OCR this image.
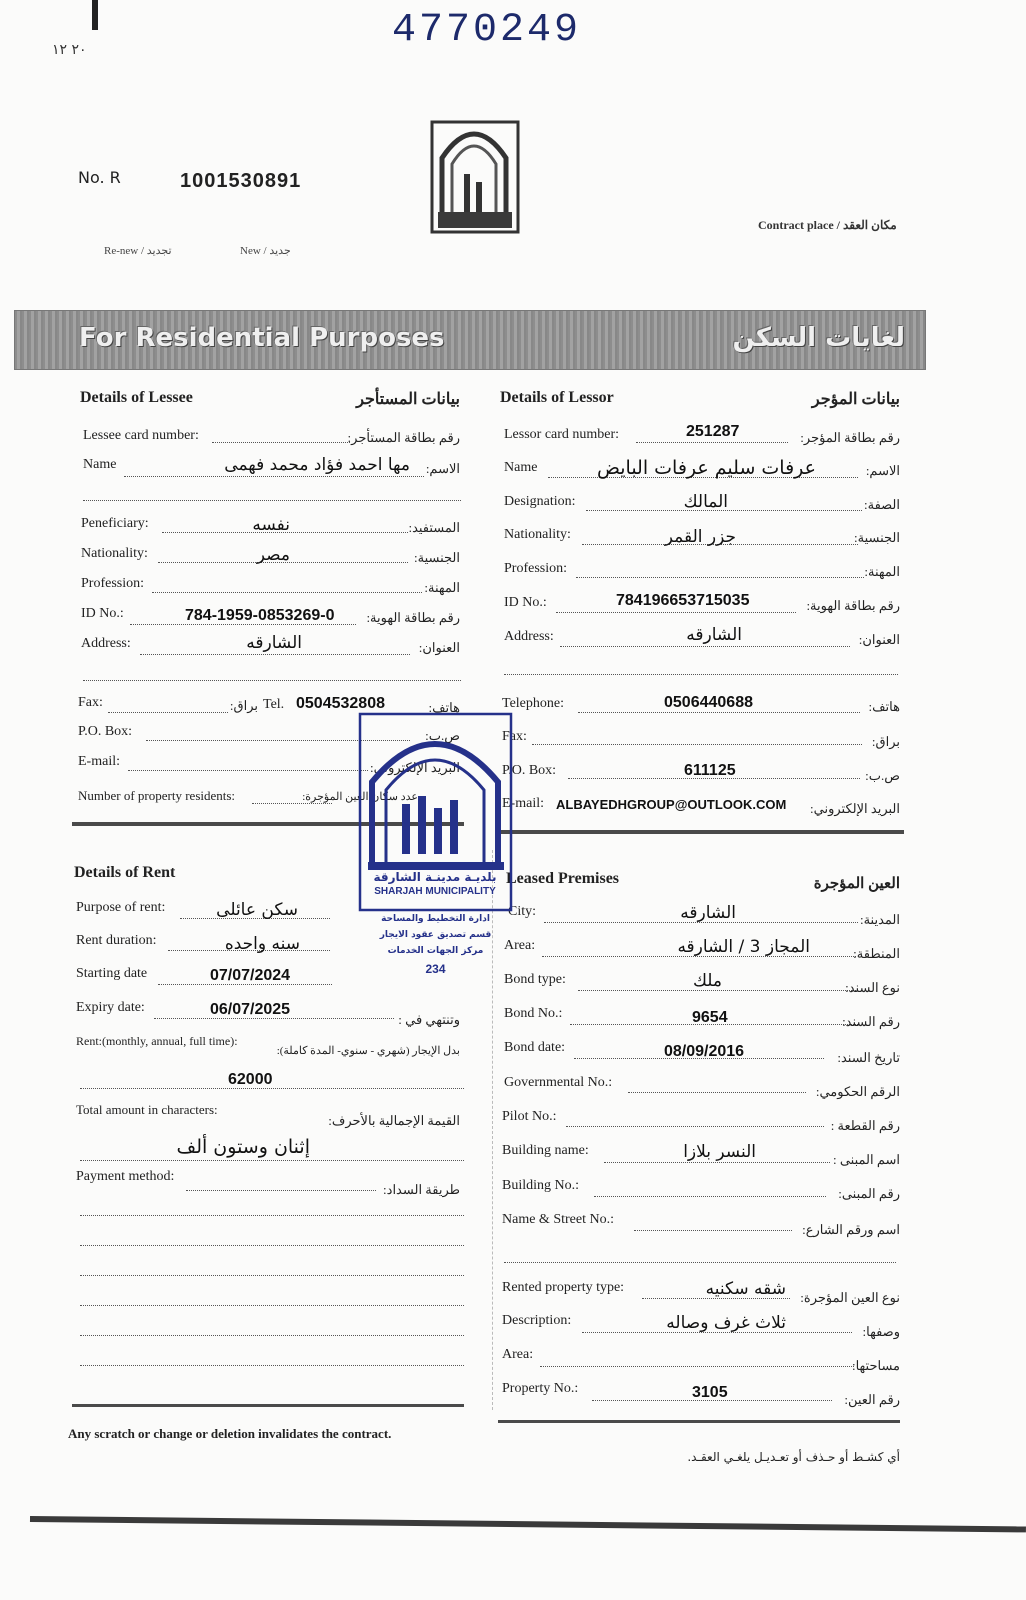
4770249
٢٠ ١٢
No. R	1001530891
Re-new / تجديد	New / جديد
Contract place / مكان العقد
For Residential Purposes	لغايات السكن
Details of Lessee	بيانات المستأجر
Lessee card number:	رقم بطاقة المستأجر:
Name	مها احمد فؤاد محمد فهمى الاسم:
Peneficiary:	نفسه	المستفيد:
Nationality:	مصر	الجنسية:
Profession:	المهنة:
ID No.:	784-1959-0853269-0 رقم بطاقة الهوية:
Address:	الشارقه	العنوان:
Fax:	براق: Tel. 0504532808	هاتف:
P.O. Box:	ص.ب:
E-mail:	البريد الإلكتروني:
Number of property residents:	عدد سكان العين المؤجرة:
Details of Lessor	بيانات المؤجر
Lessor card number:	251287	رقم بطاقة المؤجر:
Name	عرفات سليم عرفات البايض	الاسم:
Designation:	المالك	الصفة:
Nationality:	جزر القمر	الجنسية:
Profession:	المهنة:
ID No.:	784196653715035	رقم بطاقة الهوية:
Address:	الشارقه	العنوان:
Telephone:	0506440688	هاتف:
Fax:	براق:
P.O. Box:	611125	ص.ب:
E-mail: ALBAYEDHGROUP@OUTLOOK.COM البريد الإلكتروني:
Details of Rent
Purpose of rent:	سكن عائلى
Rent duration:	سنه واحده
Starting date	07/07/2024
Expiry date:	06/07/2025
وتنتهي في :
Rent:(monthly, annual, full time):
بدل الإيجار (شهري - سنوي- المدة كاملة):
62000
Total amount in characters:
القيمة الإجمالية بالأحرف:
إثنان وستون ألف
Payment method:
طريقة السداد:
Leased Premises	العين المؤجرة
City:	الشارقه	المدينة:
Area:	المجاز 3 / الشارقه	المنطقة:
Bond type:	ملك	نوع السند:
Bond No.:	9654	رقم السند:
Bond date:	08/09/2016	تاريخ السند:
Governmental No.:
الرقم الحكومي:
Pilot No.:
رقم القطعة :
Building name:	النسر بلازا	اسم المبنى :
Building No.:
رقم المبنى:
Name & Street No.:
اسم ورقم الشارع:
Rented property type:	شقه سكنيه نوع العين المؤجرة:
Description:	ثلاث غرف وصاله	وصفها:
Area:
مساحتها:
Property No.:	3105	رقم العين:
بلديـة مدينـة الشارقة
SHARJAH MUNICIPALITY
ادارة التخطيط والمساحة
قسم تصديق عقود الايجار
مركز الجهات الخدمات
234
Any scratch or change or deletion invalidates the contract.
أي كشـط أو حـذف أو تعـديـل يلغـي العقـد.
